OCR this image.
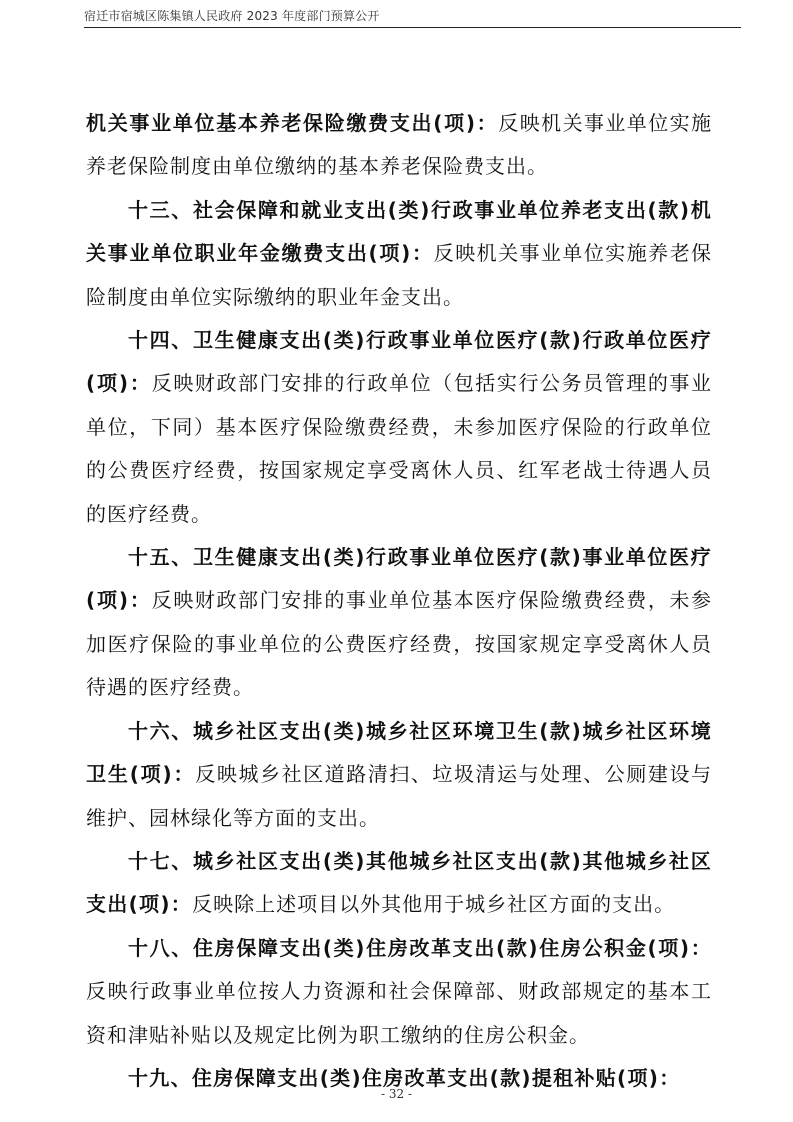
宿迁市宿城区陈集镇人民政府 2023 年度部门预算公开

机关事业单位基本养老保险缴费支出(项)：反映机关事业单位实施养老保险制度由单位缴纳的基本养老保险费支出。

十三、社会保障和就业支出(类)行政事业单位养老支出(款)机关事业单位职业年金缴费支出(项)：反映机关事业单位实施养老保险制度由单位实际缴纳的职业年金支出。

十四、卫生健康支出(类)行政事业单位医疗(款)行政单位医疗(项)：反映财政部门安排的行政单位（包括实行公务员管理的事业单位，下同）基本医疗保险缴费经费，未参加医疗保险的行政单位的公费医疗经费，按国家规定享受离休人员、红军老战士待遇人员的医疗经费。

十五、卫生健康支出(类)行政事业单位医疗(款)事业单位医疗(项)：反映财政部门安排的事业单位基本医疗保险缴费经费，未参加医疗保险的事业单位的公费医疗经费，按国家规定享受离休人员待遇的医疗经费。

十六、城乡社区支出(类)城乡社区环境卫生(款)城乡社区环境卫生(项)：反映城乡社区道路清扫、垃圾清运与处理、公厕建设与维护、园林绿化等方面的支出。

十七、城乡社区支出(类)其他城乡社区支出(款)其他城乡社区支出(项)：反映除上述项目以外其他用于城乡社区方面的支出。

十八、住房保障支出(类)住房改革支出(款)住房公积金(项)：反映行政事业单位按人力资源和社会保障部、财政部规定的基本工资和津贴补贴以及规定比例为职工缴纳的住房公积金。

十九、住房保障支出(类)住房改革支出(款)提租补贴(项)：

- 32 -
